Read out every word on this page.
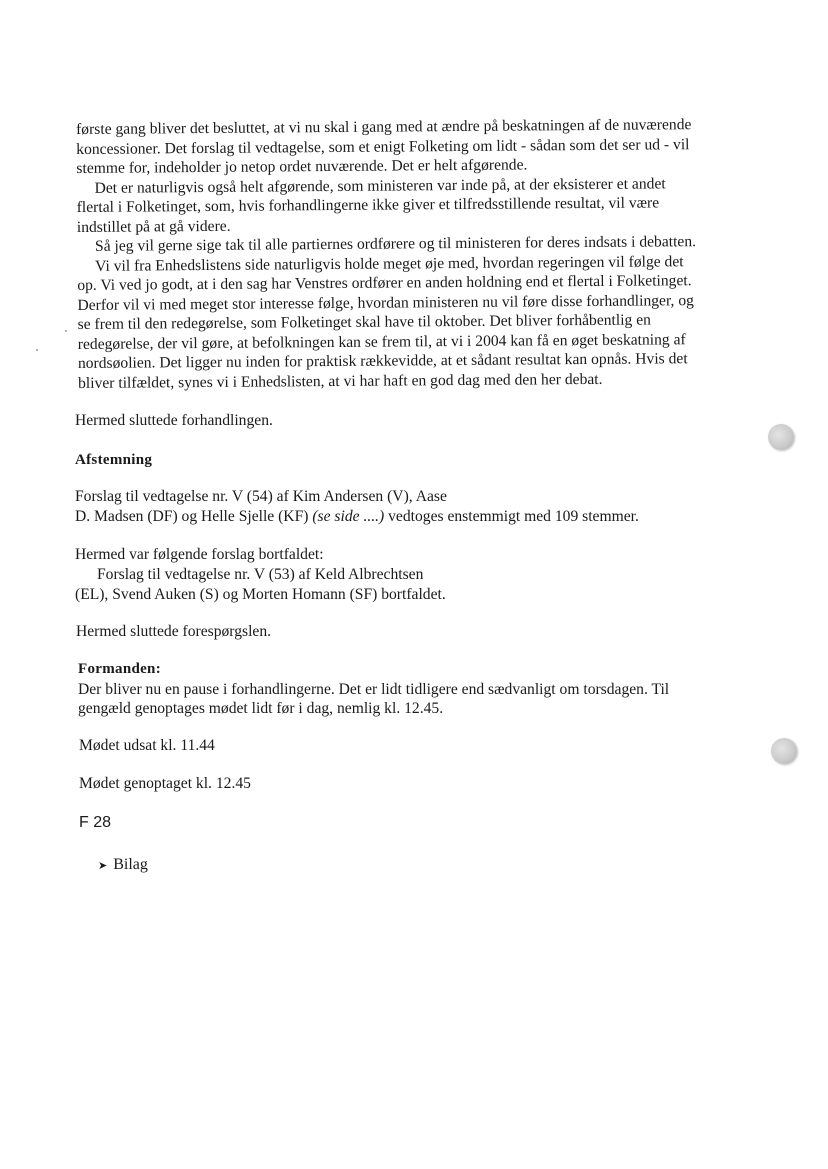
første gang bliver det besluttet, at vi nu skal i gang med at ændre på beskatningen af de nuværende
koncessioner. Det forslag til vedtagelse, som et enigt Folketing om lidt - sådan som det ser ud - vil
stemme for, indeholder jo netop ordet nuværende. Det er helt afgørende.
Det er naturligvis også helt afgørende, som ministeren var inde på, at der eksisterer et andet
flertal i Folketinget, som, hvis forhandlingerne ikke giver et tilfredsstillende resultat, vil være
indstillet på at gå videre.
Så jeg vil gerne sige tak til alle partiernes ordførere og til ministeren for deres indsats i debatten.
Vi vil fra Enhedslistens side naturligvis holde meget øje med, hvordan regeringen vil følge det
op. Vi ved jo godt, at i den sag har Venstres ordfører en anden holdning end et flertal i Folketinget.
Derfor vil vi med meget stor interesse følge, hvordan ministeren nu vil føre disse forhandlinger, og
se frem til den redegørelse, som Folketinget skal have til oktober. Det bliver forhåbentlig en
redegørelse, der vil gøre, at befolkningen kan se frem til, at vi i 2004 kan få en øget beskatning af
nordsøolien. Det ligger nu inden for praktisk rækkevidde, at et sådant resultat kan opnås. Hvis det
bliver tilfældet, synes vi i Enhedslisten, at vi har haft en god dag med den her debat.
Hermed sluttede forhandlingen.
Afstemning
Forslag til vedtagelse nr. V (54) af Kim Andersen (V), Aase
D. Madsen (DF) og Helle Sjelle (KF) (se side ....) vedtoges enstemmigt med 109 stemmer.
Hermed var følgende forslag bortfaldet:
Forslag til vedtagelse nr. V (53) af Keld Albrechtsen
(EL), Svend Auken (S) og Morten Homann (SF) bortfaldet.
Hermed sluttede forespørgslen.
Formanden:
Der bliver nu en pause i forhandlingerne. Det er lidt tidligere end sædvanligt om torsdagen. Til
gengæld genoptages mødet lidt før i dag, nemlig kl. 12.45.
Mødet udsat kl. 11.44
Mødet genoptaget kl. 12.45
F 28
➤ Bilag
